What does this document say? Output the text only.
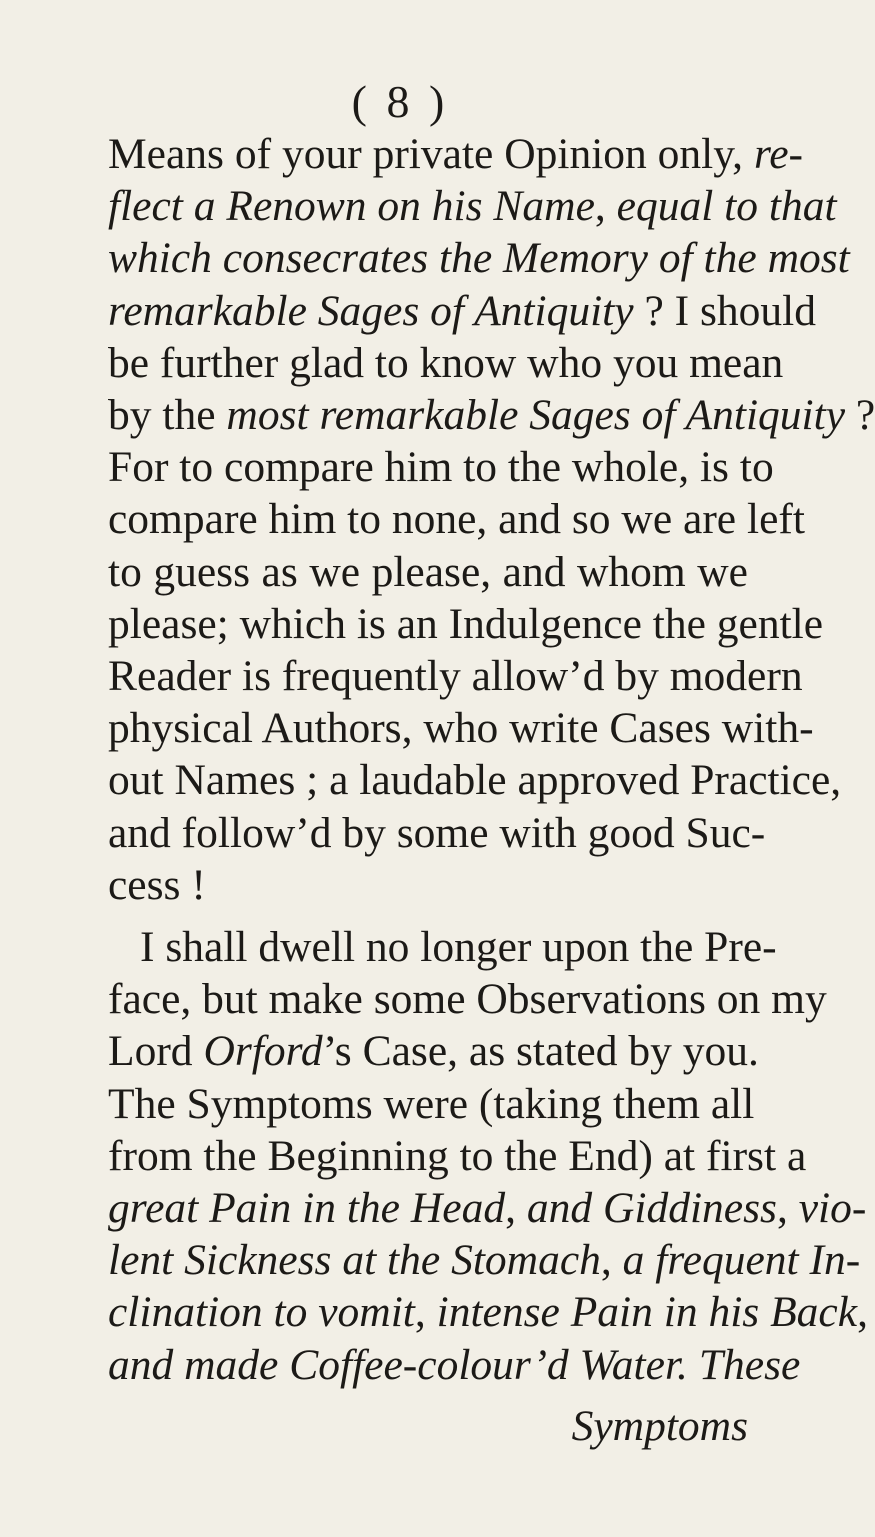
( 8 )
Means of your private Opinion only, re-
flect a Renown on his Name, equal to that
which consecrates the Memory of the most
remarkable Sages of Antiquity ? I should
be further glad to know who you mean
by the most remarkable Sages of Antiquity ?
For to compare him to the whole, is to
compare him to none, and so we are left
to guess as we please, and whom we
please; which is an Indulgence the gentle
Reader is frequently allow’d by modern
physical Authors, who write Cases with-
out Names ; a laudable approved Practice,
and follow’d by some with good Suc-
cess !
I shall dwell no longer upon the Pre-
face, but make some Observations on my
Lord Orford’s Case, as stated by you.
The Symptoms were (taking them all
from the Beginning to the End) at first a
great Pain in the Head, and Giddiness, vio-
lent Sickness at the Stomach, a frequent In-
clination to vomit, intense Pain in his Back,
and made Coffee-colour’d Water. These
Symptoms
